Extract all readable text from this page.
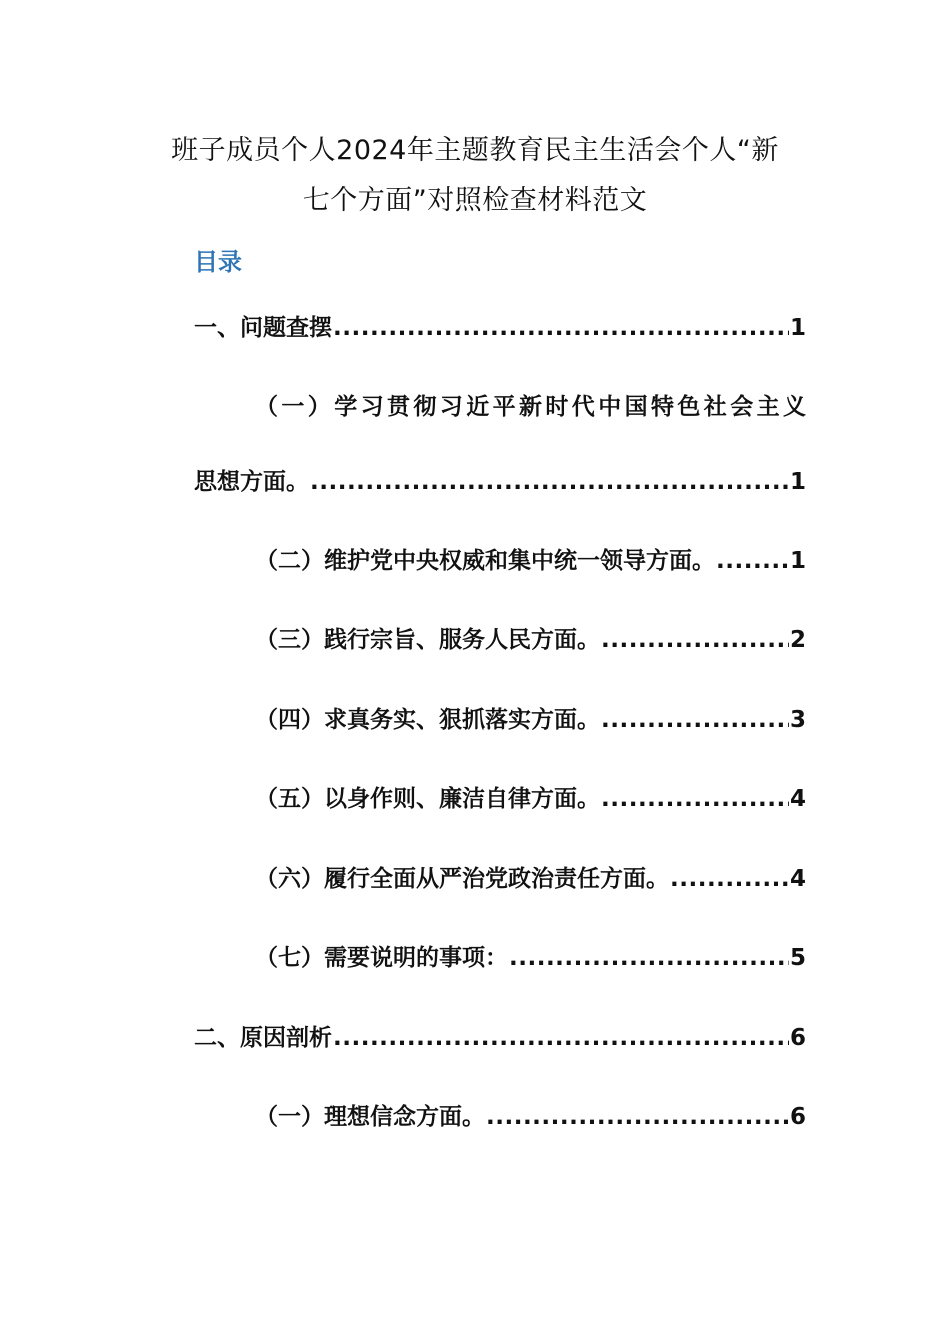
班子成员个人2024年主题教育民主生活会个人“新
七个方面”对照检查材料范文
目录
一、问题查摆 .....	1
（一）学习贯彻习近平新时代中国特色社会主义
思想方面。 .....	1
（二）维护党中央权威和集中统一领导方面。 .....	1
（三）践行宗旨、服务人民方面。 .....	2
（四）求真务实、狠抓落实方面。 .....	3
（五）以身作则、廉洁自律方面。 .....	4
（六）履行全面从严治党政治责任方面。 .....	4
（七）需要说明的事项： .....	5
二、原因剖析 .....	6
（一）理想信念方面。 .....	6
